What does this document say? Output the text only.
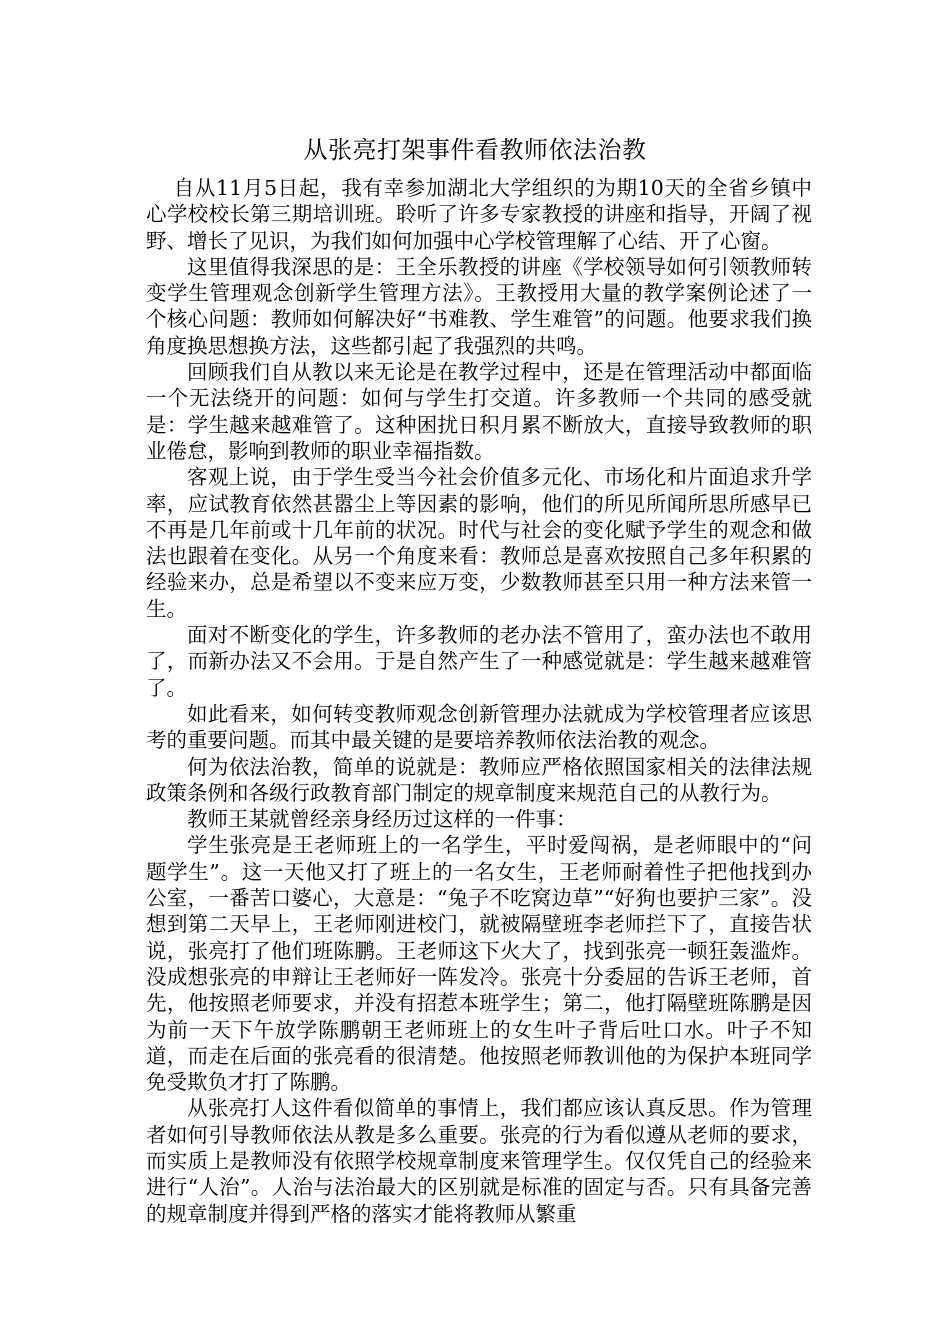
从张亮打架事件看教师依法治教

自从11月5日起，我有幸参加湖北大学组织的为期10天的全省乡镇中心学校校长第三期培训班。聆听了许多专家教授的讲座和指导，开阔了视野、增长了见识，为我们如何加强中心学校管理解了心结、开了心窗。

这里值得我深思的是：王全乐教授的讲座《学校领导如何引领教师转变学生管理观念创新学生管理方法》。王教授用大量的教学案例论述了一个核心问题：教师如何解决好“书难教、学生难管”的问题。他要求我们换角度换思想换方法，这些都引起了我强烈的共鸣。

回顾我们自从教以来无论是在教学过程中，还是在管理活动中都面临一个无法绕开的问题：如何与学生打交道。许多教师一个共同的感受就是：学生越来越难管了。这种困扰日积月累不断放大，直接导致教师的职业倦怠，影响到教师的职业幸福指数。

客观上说，由于学生受当今社会价值多元化、市场化和片面追求升学率，应试教育依然甚嚣尘上等因素的影响，他们的所见所闻所思所感早已不再是几年前或十几年前的状况。时代与社会的变化赋予学生的观念和做法也跟着在变化。从另一个角度来看：教师总是喜欢按照自己多年积累的经验来办，总是希望以不变来应万变，少数教师甚至只用一种方法来管一生。

面对不断变化的学生，许多教师的老办法不管用了，蛮办法也不敢用了，而新办法又不会用。于是自然产生了一种感觉就是：学生越来越难管了。

如此看来，如何转变教师观念创新管理办法就成为学校管理者应该思考的重要问题。而其中最关键的是要培养教师依法治教的观念。

何为依法治教，简单的说就是：教师应严格依照国家相关的法律法规政策条例和各级行政教育部门制定的规章制度来规范自己的从教行为。

教师王某就曾经亲身经历过这样的一件事：

学生张亮是王老师班上的一名学生，平时爱闯祸，是老师眼中的“问题学生”。这一天他又打了班上的一名女生，王老师耐着性子把他找到办公室，一番苦口婆心，大意是：“兔子不吃窝边草”“好狗也要护三家”。没想到第二天早上，王老师刚进校门，就被隔壁班李老师拦下了，直接告状说，张亮打了他们班陈鹏。王老师这下火大了，找到张亮一顿狂轰滥炸。没成想张亮的申辩让王老师好一阵发冷。张亮十分委屈的告诉王老师，首先，他按照老师要求，并没有招惹本班学生；第二，他打隔壁班陈鹏是因为前一天下午放学陈鹏朝王老师班上的女生叶子背后吐口水。叶子不知道，而走在后面的张亮看的很清楚。他按照老师教训他的为保护本班同学免受欺负才打了陈鹏。

从张亮打人这件看似简单的事情上，我们都应该认真反思。作为管理者如何引导教师依法从教是多么重要。张亮的行为看似遵从老师的要求，而实质上是教师没有依照学校规章制度来管理学生。仅仅凭自己的经验来进行“人治”。人治与法治最大的区别就是标准的固定与否。只有具备完善的规章制度并得到严格的落实才能将教师从繁重
